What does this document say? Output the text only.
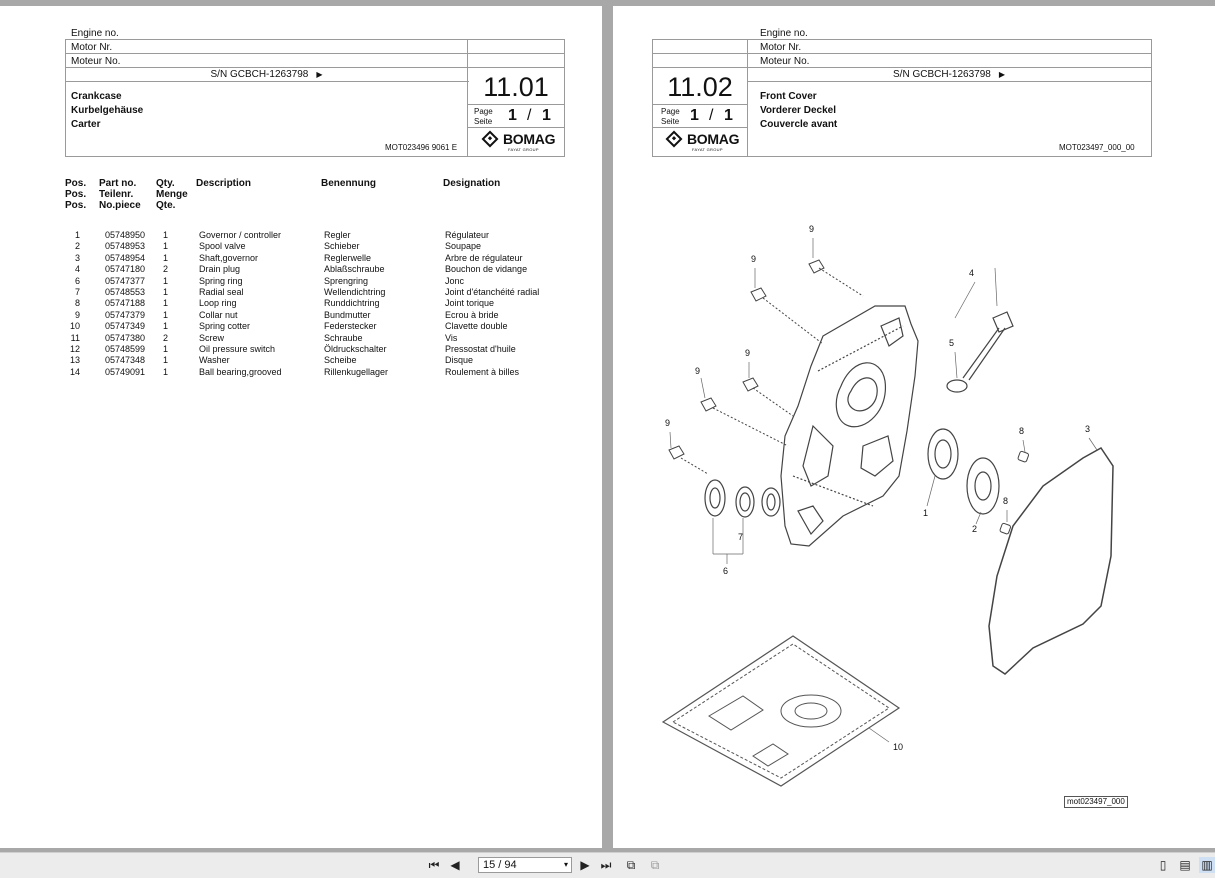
Engine no.
Motor Nr.
Moteur No.
S/N GCBCH-1263798 ▶	11.01
Page
Seite 1 / 1
Crankcase
Kurbelgehäuse
Carter
MOT023496 9061 E
BOMAG
FAYAT GROUP
Pos.
Pos.
Pos.
Part no.
Teilenr.
No.piece
Qty.
Menge
Qte.
Description	Benennung	Designation
1	05748950 1	Governor / controller	Regler	Régulateur
2	05748953 1	Spool valve	Schieber	Soupape
3	05748954 1	Shaft,governor	Reglerwelle	Arbre de régulateur
4	05747180 2	Drain plug	Ablaßschraube	Bouchon de vidange
6	05747377 1	Spring ring	Sprengring	Jonc
7	05748553 1	Radial seal	Wellendichtring	Joint d'étanchéité radial
8	05747188 1	Loop ring	Runddichtring	Joint torique
9	05747379 1	Collar nut	Bundmutter	Ecrou à bride
10	05747349 1	Spring cotter	Federstecker	Clavette double
11	05747380 2	Screw	Schraube	Vis
12	05748599 1	Oil pressure switch	Öldruckschalter	Pressostat d'huile
13	05747348 1	Washer	Scheibe	Disque
14	05749091 1	Ball bearing,grooved	Rillenkugellager	Roulement à billes
Engine no.
Motor Nr.
Moteur No.
S/N GCBCH-1263798 ▶
11.02
Page
Seite 1 / 1
Front Cover
Vorderer Deckel
Couvercle avant
MOT023497_000_00
BOMAG
FAYAT GROUP
9
9
9
9
9
4
5
8	3
8
1
2
7
6
10
mot023497_000
⏮ ◀	15 / 94	▾ ▶ ⏭	⧉	⧉	▯	▤ ▥
